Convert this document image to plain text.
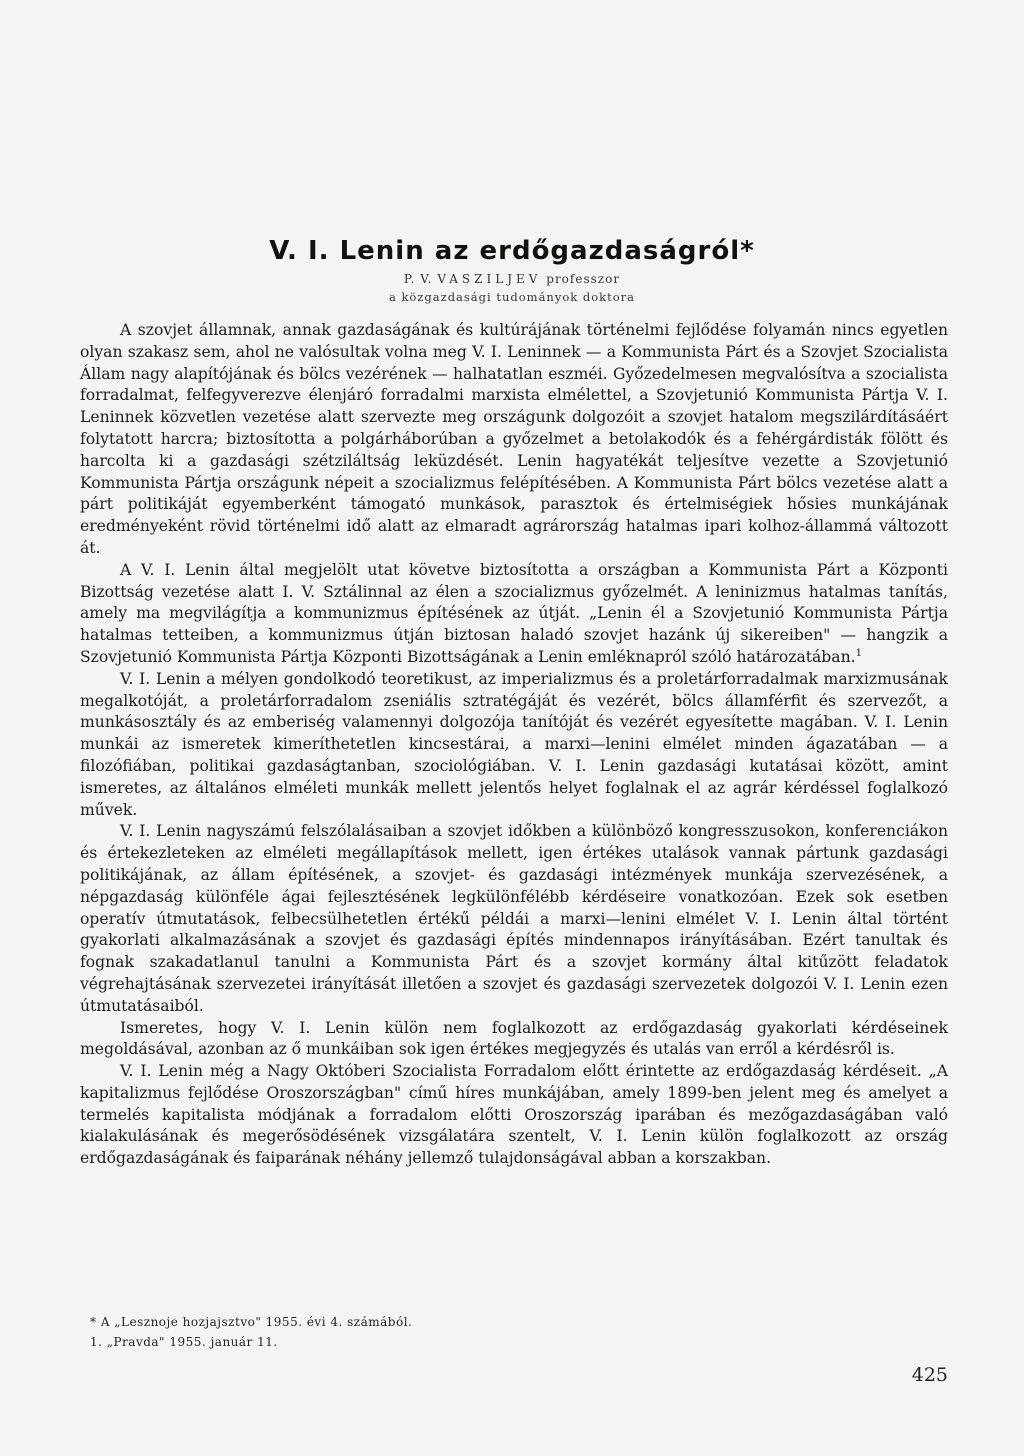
V. I. Lenin az erdőgazdaságról*
P. V. VASZILJEV professzor
a közgazdasági tudományok doktora

A szovjet államnak, annak gazdaságának és kultúrájának történelmi fejlődése folyamán nincs egyetlen olyan szakasz sem, ahol ne valósultak volna meg V. I. Leninnek — a Kommunista Párt és a Szovjet Szocialista Állam nagy alapítójának és bölcs vezérének — halhatatlan eszméi. Győzedelmesen megvalósítva a szocialista forradalmat, felfegyverezve élenjáró forradalmi marxista elmélettel, a Szovjetunió Kommunista Pártja V. I. Leninnek közvetlen vezetése alatt szervezte meg országunk dolgozóit a szovjet hatalom megszilárdításáért folytatott harcra; biztosította a polgárháborúban a győzelmet a betolakodók és a fehérgárdisták fölött és harcolta ki a gazdasági szétziláltság leküzdését. Lenin hagyatékát teljesítve vezette a Szovjetunió Kommunista Pártja országunk népeit a szocializmus felépítésében. A Kommunista Párt bölcs vezetése alatt a párt politikáját egyemberként támogató munkások, parasztok és értelmiségiek hősies munkájának eredményeként rövid történelmi idő alatt az elmaradt agrárország hatalmas ipari kolhoz-állammá változott át.

A V. I. Lenin által megjelölt utat követve biztosította a országban a Kommunista Párt a Központi Bizottság vezetése alatt I. V. Sztálinnal az élen a szocializmus győzelmét. A leninizmus hatalmas tanítás, amely ma megvilágítja a kommunizmus építésének az útját. „Lenin él a Szovjetunió Kommunista Pártja hatalmas tetteiben, a kommunizmus útján biztosan haladó szovjet hazánk új sikereiben" — hangzik a Szovjetunió Kommunista Pártja Központi Bizottságának a Lenin emléknapról szóló határozatában.$^1$

V. I. Lenin a mélyen gondolkodó teoretikust, az imperializmus és a proletárforradalmak marxizmusának megalkotóját, a proletárforradalom zseniális sztratégáját és vezérét, bölcs államférfit és szervezőt, a munkásosztály és az emberiség valamennyi dolgozója tanítóját és vezérét egyesítette magában. V. I. Lenin munkái az ismeretek kimeríthetetlen kincsestárai, a marxi—lenini elmélet minden ágazatában — a filozófiában, politikai gazdaságtanban, szociológiában. V. I. Lenin gazdasági kutatásai között, amint ismeretes, az általános elméleti munkák mellett jelentős helyet foglalnak el az agrár kérdéssel foglalkozó művek.

V. I. Lenin nagyszámú felszólalásaiban a szovjet időkben a különböző kongresszusokon, konferenciákon és értekezleteken az elméleti megállapítások mellett, igen értékes utalások vannak pártunk gazdasági politikájának, az állam építésének, a szovjet- és gazdasági intézmények munkája szervezésének, a népgazdaság különféle ágai fejlesztésének legkülönfélébb kérdéseire vonatkozóan. Ezek sok esetben operatív útmutatások, felbecsülhetetlen értékű példái a marxi—lenini elmélet V. I. Lenin által történt gyakorlati alkalmazásának a szovjet és gazdasági építés mindennapos irányításában. Ezért tanultak és fognak szakadatlanul tanulni a Kommunista Párt és a szovjet kormány által kitűzött feladatok végrehajtásának szervezetei irányítását illetően a szovjet és gazdasági szervezetek dolgozói V. I. Lenin ezen útmutatásaiból.

Ismeretes, hogy V. I. Lenin külön nem foglalkozott az erdőgazdaság gyakorlati kérdéseinek megoldásával, azonban az ő munkáiban sok igen értékes megjegyzés és utalás van erről a kérdésről is.

V. I. Lenin még a Nagy Októberi Szocialista Forradalom előtt érintette az erdőgazdaság kérdéseit. „A kapitalizmus fejlődése Oroszországban" című híres munkájában, amely 1899-ben jelent meg és amelyet a termelés kapitalista módjának a forradalom előtti Oroszország iparában és mezőgazdaságában való kialakulásának és megerősödésének vizsgálatára szentelt, V. I. Lenin külön foglalkozott az ország erdőgazdaságának és faiparának néhány jellemző tulajdonságával abban a korszakban.

* A „Lesznoje hozjajsztvo" 1955. évi 4. számából.
1. „Pravda" 1955. január 11.
425
